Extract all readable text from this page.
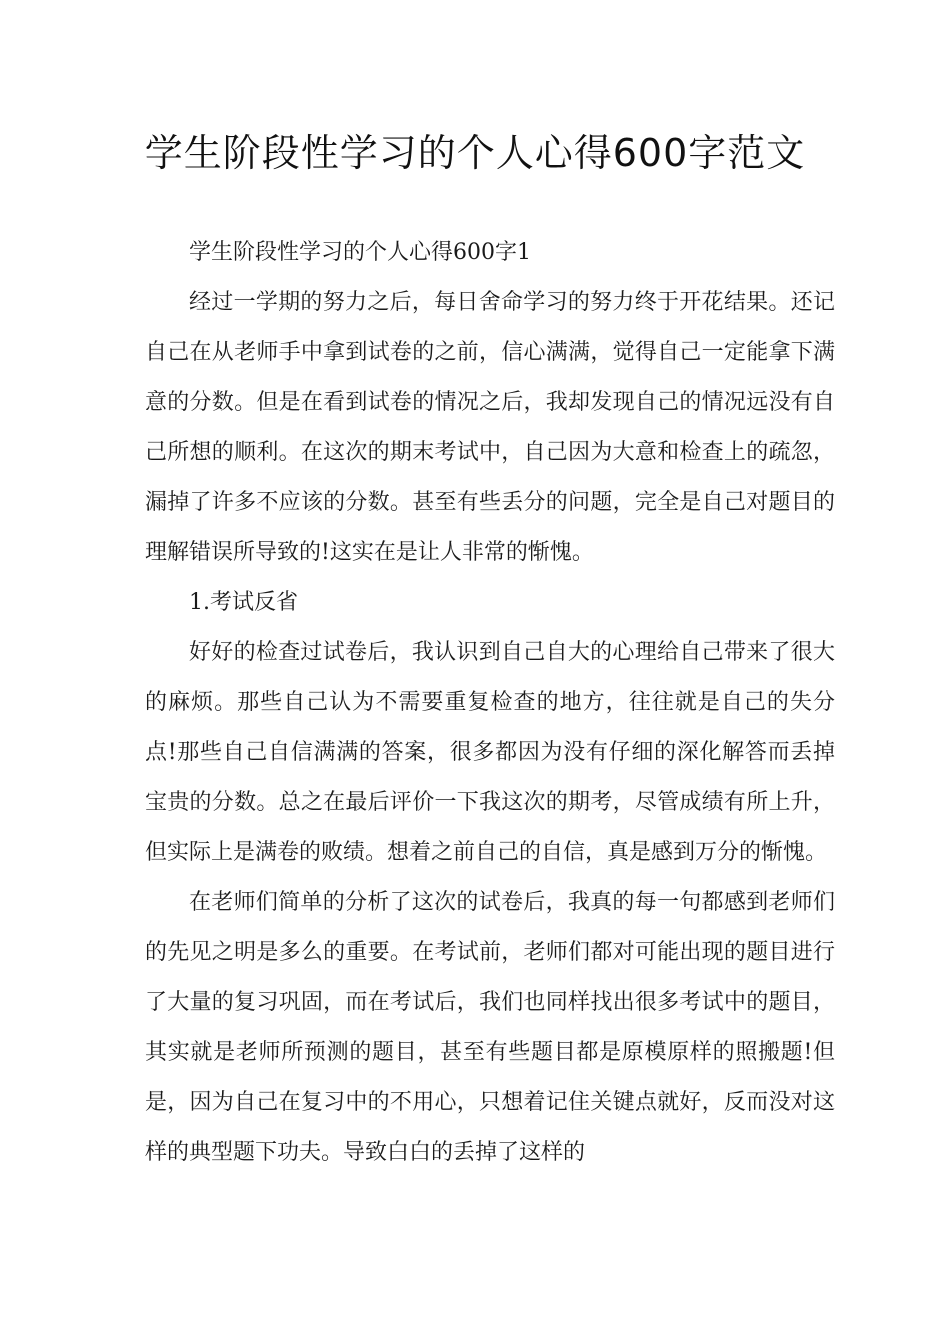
学生阶段性学习的个人心得600字范文

学生阶段性学习的个人心得600字1

经过一学期的努力之后，每日舍命学习的努力终于开花结果。还记自己在从老师手中拿到试卷的之前，信心满满，觉得自己一定能拿下满意的分数。但是在看到试卷的情况之后，我却发现自己的情况远没有自己所想的顺利。在这次的期末考试中，自己因为大意和检查上的疏忽，漏掉了许多不应该的分数。甚至有些丢分的问题，完全是自己对题目的理解错误所导致的!这实在是让人非常的惭愧。

1.考试反省

好好的检查过试卷后，我认识到自己自大的心理给自己带来了很大的麻烦。那些自己认为不需要重复检查的地方，往往就是自己的失分点!那些自己自信满满的答案，很多都因为没有仔细的深化解答而丢掉宝贵的分数。总之在最后评价一下我这次的期考，尽管成绩有所上升，但实际上是满卷的败绩。想着之前自己的自信，真是感到万分的惭愧。

在老师们简单的分析了这次的试卷后，我真的每一句都感到老师们的先见之明是多么的重要。在考试前，老师们都对可能出现的题目进行了大量的复习巩固，而在考试后，我们也同样找出很多考试中的题目，其实就是老师所预测的题目，甚至有些题目都是原模原样的照搬题!但是，因为自己在复习中的不用心，只想着记住关键点就好，反而没对这样的典型题下功夫。导致白白的丢掉了这样的
